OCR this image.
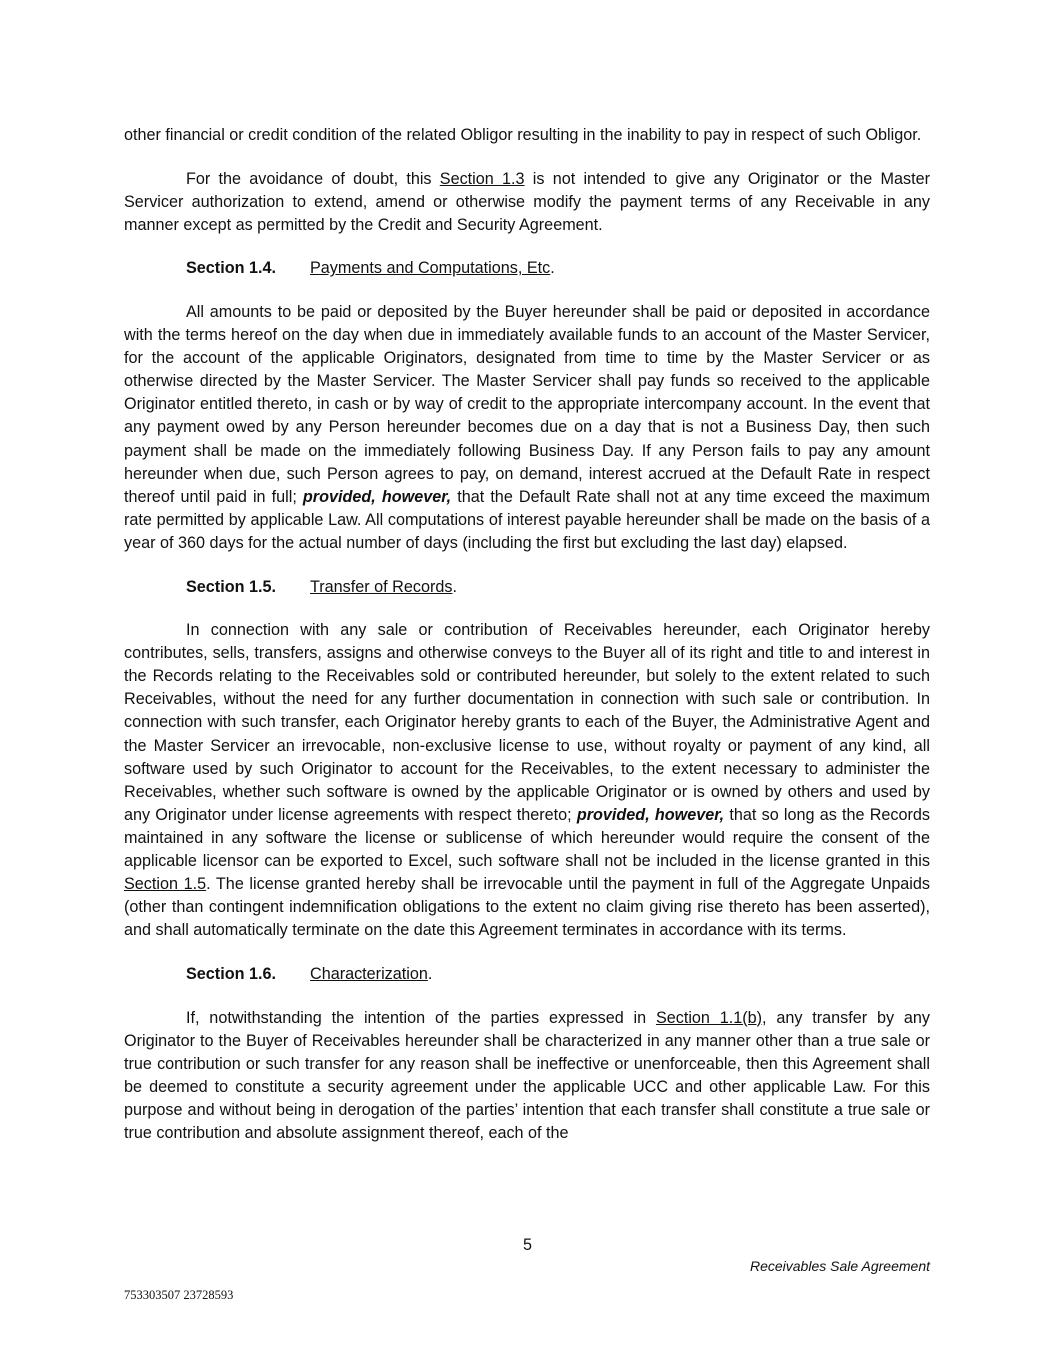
other financial or credit condition of the related Obligor resulting in the inability to pay in respect of such Obligor.

For the avoidance of doubt, this Section 1.3 is not intended to give any Originator or the Master Servicer authorization to extend, amend or otherwise modify the payment terms of any Receivable in any manner except as permitted by the Credit and Security Agreement.

Section 1.4. Payments and Computations, Etc.

All amounts to be paid or deposited by the Buyer hereunder shall be paid or deposited in accordance with the terms hereof on the day when due in immediately available funds to an account of the Master Servicer, for the account of the applicable Originators, designated from time to time by the Master Servicer or as otherwise directed by the Master Servicer. The Master Servicer shall pay funds so received to the applicable Originator entitled thereto, in cash or by way of credit to the appropriate intercompany account. In the event that any payment owed by any Person hereunder becomes due on a day that is not a Business Day, then such payment shall be made on the immediately following Business Day. If any Person fails to pay any amount hereunder when due, such Person agrees to pay, on demand, interest accrued at the Default Rate in respect thereof until paid in full; provided, however, that the Default Rate shall not at any time exceed the maximum rate permitted by applicable Law. All computations of interest payable hereunder shall be made on the basis of a year of 360 days for the actual number of days (including the first but excluding the last day) elapsed.

Section 1.5. Transfer of Records.

In connection with any sale or contribution of Receivables hereunder, each Originator hereby contributes, sells, transfers, assigns and otherwise conveys to the Buyer all of its right and title to and interest in the Records relating to the Receivables sold or contributed hereunder, but solely to the extent related to such Receivables, without the need for any further documentation in connection with such sale or contribution. In connection with such transfer, each Originator hereby grants to each of the Buyer, the Administrative Agent and the Master Servicer an irrevocable, non-exclusive license to use, without royalty or payment of any kind, all software used by such Originator to account for the Receivables, to the extent necessary to administer the Receivables, whether such software is owned by the applicable Originator or is owned by others and used by any Originator under license agreements with respect thereto; provided, however, that so long as the Records maintained in any software the license or sublicense of which hereunder would require the consent of the applicable licensor can be exported to Excel, such software shall not be included in the license granted in this Section 1.5. The license granted hereby shall be irrevocable until the payment in full of the Aggregate Unpaids (other than contingent indemnification obligations to the extent no claim giving rise thereto has been asserted), and shall automatically terminate on the date this Agreement terminates in accordance with its terms.

Section 1.6. Characterization.

If, notwithstanding the intention of the parties expressed in Section 1.1(b), any transfer by any Originator to the Buyer of Receivables hereunder shall be characterized in any manner other than a true sale or true contribution or such transfer for any reason shall be ineffective or unenforceable, then this Agreement shall be deemed to constitute a security agreement under the applicable UCC and other applicable Law. For this purpose and without being in derogation of the parties’ intention that each transfer shall constitute a true sale or true contribution and absolute assignment thereof, each of the

5
Receivables Sale Agreement
753303507 23728593
